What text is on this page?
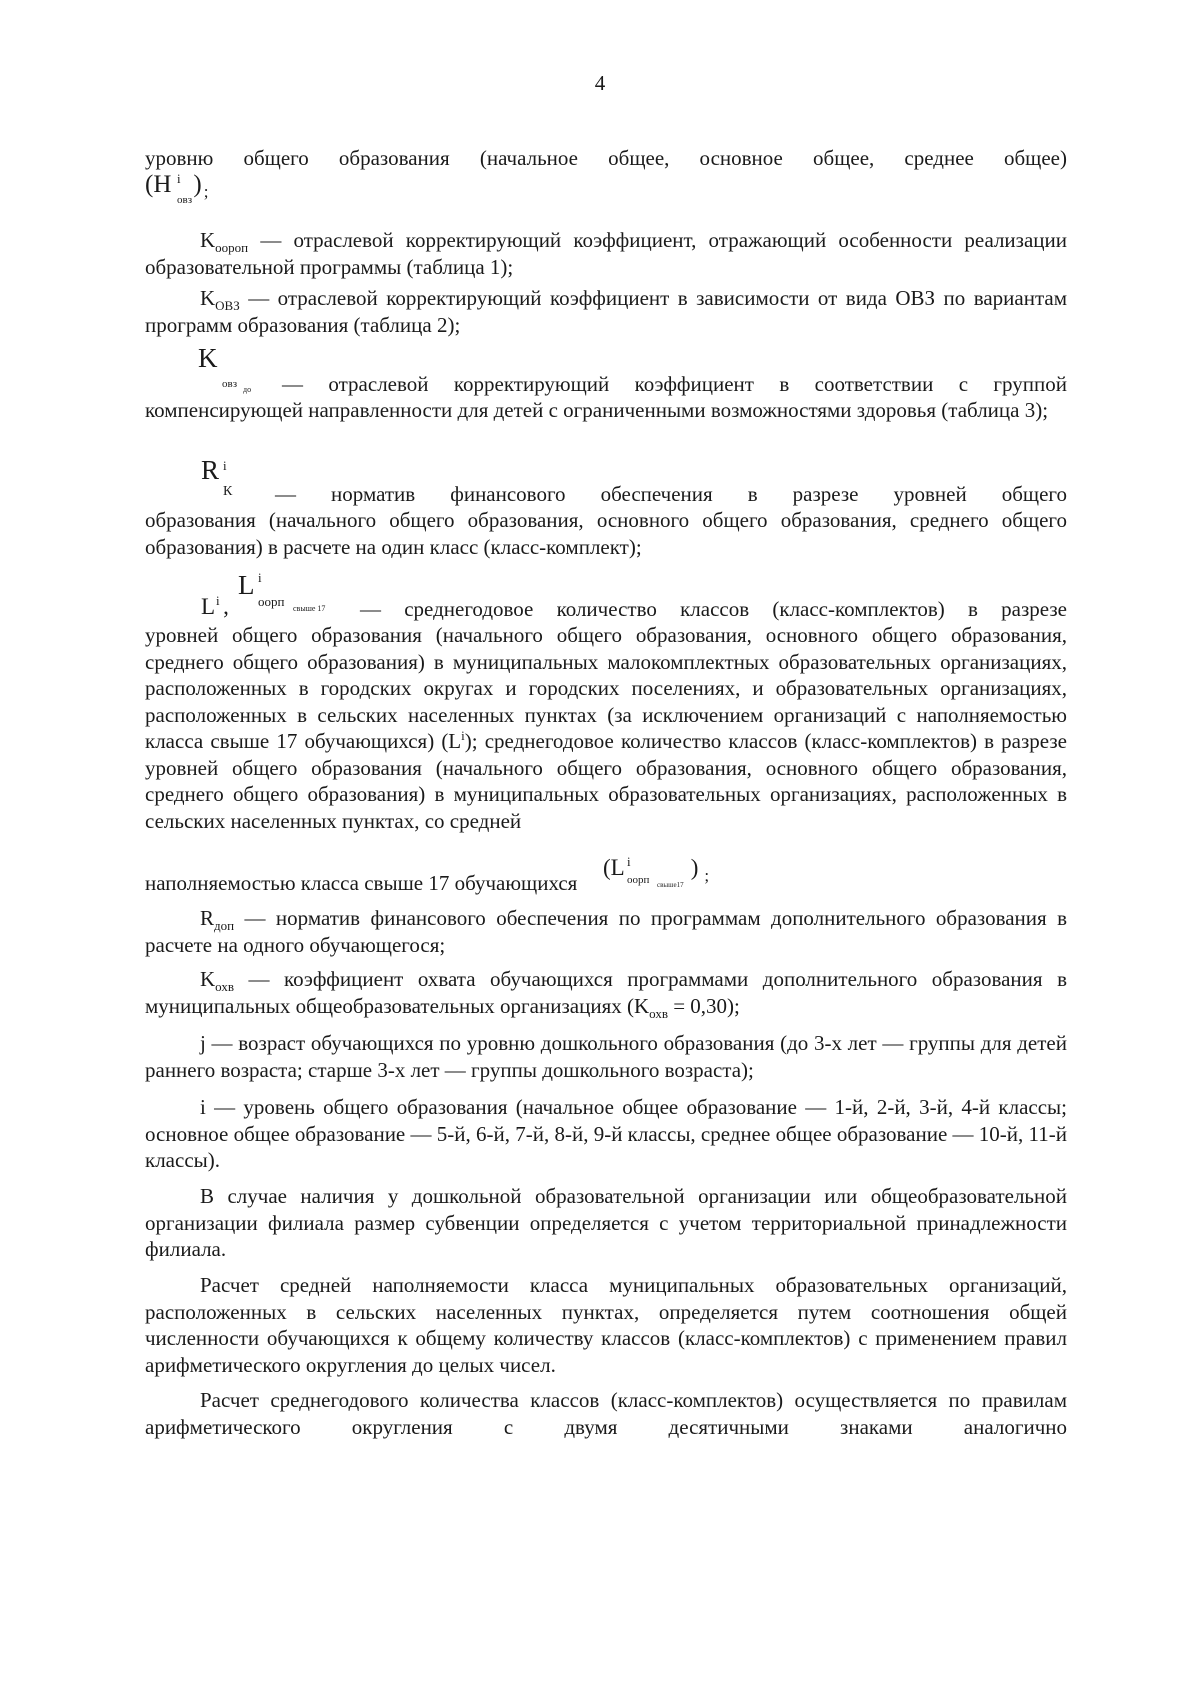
4

уровню общего образования (начальное общее, основное общее, среднее общее)

(H ) $_;$
i
овз

$K_{оороп}$ — отраслевой корректирующий коэффициент, отражающий особенности реализации образовательной программы (таблица 1);

$K_{ОВЗ}$ — отраслевой корректирующий коэффициент в зависимости от вида ОВЗ по вариантам программ образования (таблица 2);

K
овз до — отраслевой корректирующий коэффициент в соответствии с группой

компенсирующей направленности для детей с ограниченными возможностями здоровья (таблица 3);

R i
К — норматив финансового обеспечения в разрезе уровней общего

образования (начального общего образования, основного общего образования, среднего общего образования) в расчете на один класс (класс-комплект);

L ,
i
L i
оорп свыше 17 — среднегодовое количество классов (класс-комплектов) в разрезе

уровней общего образования (начального общего образования, основного общего образования, среднего общего образования) в муниципальных малокомплектных образовательных организациях, расположенных в городских округах и городских поселениях, и образовательных организациях, расположенных в сельских населенных пунктах (за исключением организаций с наполняемостью класса свыше 17 обучающихся) $(L^i)$; среднегодовое количество классов (класс-комплектов) в разрезе уровней общего образования (начального общего образования, основного общего образования, среднего общего образования) в муниципальных образовательных организациях, расположенных в сельских населенных пунктах, со средней

наполняемостью класса свыше 17 обучающихся
(L	) $_;$
i
оорп свыше17

$R_{доп}$ — норматив финансового обеспечения по программам дополнительного образования в расчете на одного обучающегося;

$K_{охв}$ — коэффициент охвата обучающихся программами дополнительного образования в муниципальных общеобразовательных организациях $(K_{охв} = 0,30)$;

j — возраст обучающихся по уровню дошкольного образования (до 3-х лет — группы для детей раннего возраста; старше 3-х лет — группы дошкольного возраста);

i — уровень общего образования (начальное общее образование — 1-й, 2-й, 3-й, 4-й классы; основное общее образование — 5-й, 6-й, 7-й, 8-й, 9-й классы, среднее общее образование — 10-й, 11-й классы).

В случае наличия у дошкольной образовательной организации или общеобразовательной организации филиала размер субвенции определяется с учетом территориальной принадлежности филиала.

Расчет средней наполняемости класса муниципальных образовательных организаций, расположенных в сельских населенных пунктах, определяется путем соотношения общей численности обучающихся к общему количеству классов (класс-комплектов) с применением правил арифметического округления до целых чисел.

Расчет среднегодового количества классов (класс-комплектов) осуществляется по правилам арифметического округления с двумя десятичными знаками аналогично
